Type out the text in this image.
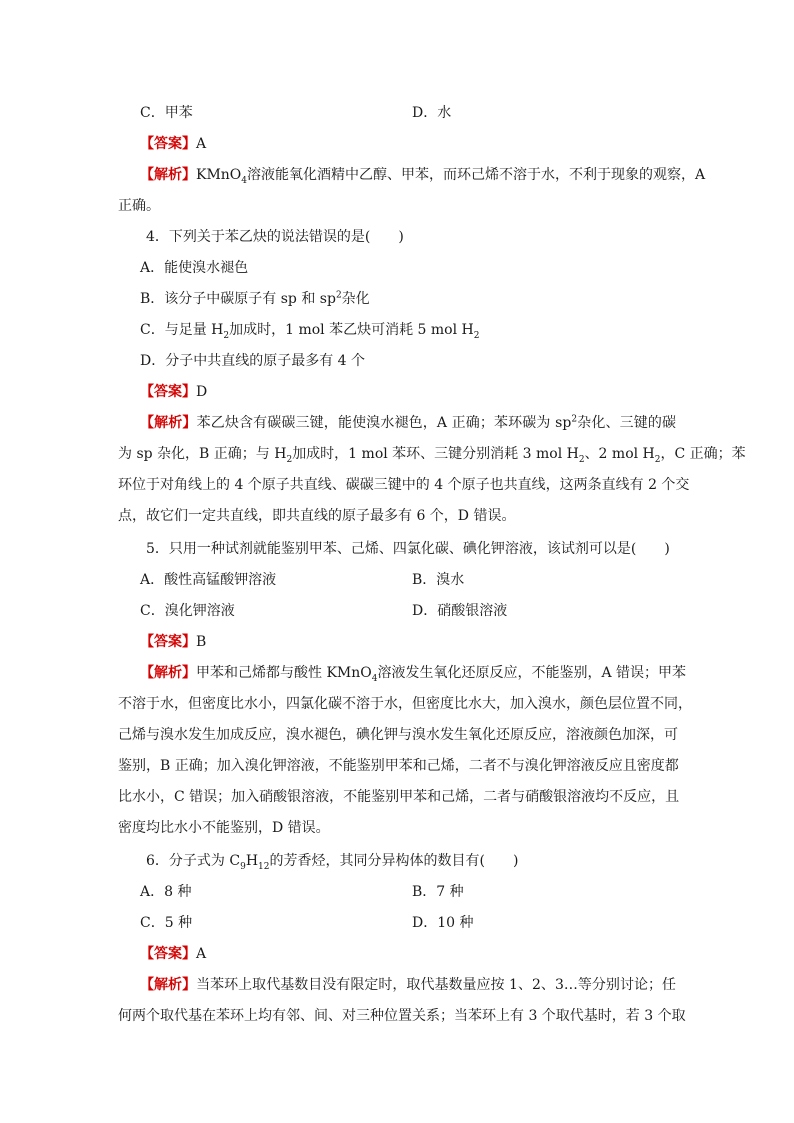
C．甲苯	D．水
【答案】A
【解析】KMnO$_4$溶液能氧化酒精中乙醇、甲苯，而环己烯不溶于水，不利于现象的观察，A
正确。
4．下列关于苯乙炔的说法错误的是(　　)
A．能使溴水褪色
B．该分子中碳原子有 sp 和 $sp^2$杂化
C．与足量 $H_2$加成时，1 mol 苯乙炔可消耗 5 mol $H_2$
D．分子中共直线的原子最多有 4 个
【答案】D
【解析】苯乙炔含有碳碳三键，能使溴水褪色，A 正确；苯环碳为 $sp^2$杂化、三键的碳
为 sp 杂化，B 正确；与 $H_2$加成时，1 mol 苯环、三键分别消耗 3 mol $H_2$、2 mol $H_2$，C 正确；苯
环位于对角线上的 4 个原子共直线、碳碳三键中的 4 个原子也共直线，这两条直线有 2 个交
点，故它们一定共直线，即共直线的原子最多有 6 个，D 错误。
5．只用一种试剂就能鉴别甲苯、己烯、四氯化碳、碘化钾溶液，该试剂可以是(　　)
A．酸性高锰酸钾溶液	B．溴水
C．溴化钾溶液	D．硝酸银溶液
【答案】B
【解析】甲苯和己烯都与酸性 KMnO$_4$溶液发生氧化还原反应，不能鉴别，A 错误；甲苯
不溶于水，但密度比水小，四氯化碳不溶于水，但密度比水大，加入溴水，颜色层位置不同，
己烯与溴水发生加成反应，溴水褪色，碘化钾与溴水发生氧化还原反应，溶液颜色加深，可
鉴别，B 正确；加入溴化钾溶液，不能鉴别甲苯和己烯，二者不与溴化钾溶液反应且密度都
比水小，C 错误；加入硝酸银溶液，不能鉴别甲苯和己烯，二者与硝酸银溶液均不反应，且
密度均比水小不能鉴别，D 错误。
6．分子式为 $C_9H_{12}$的芳香烃，其同分异构体的数目有(　　)
A．8 种	B．7 种
C．5 种	D．10 种
【答案】A
【解析】当苯环上取代基数目没有限定时，取代基数量应按 1、2、3…等分别讨论；任
何两个取代基在苯环上均有邻、间、对三种位置关系；当苯环上有 3 个取代基时，若 3 个取
